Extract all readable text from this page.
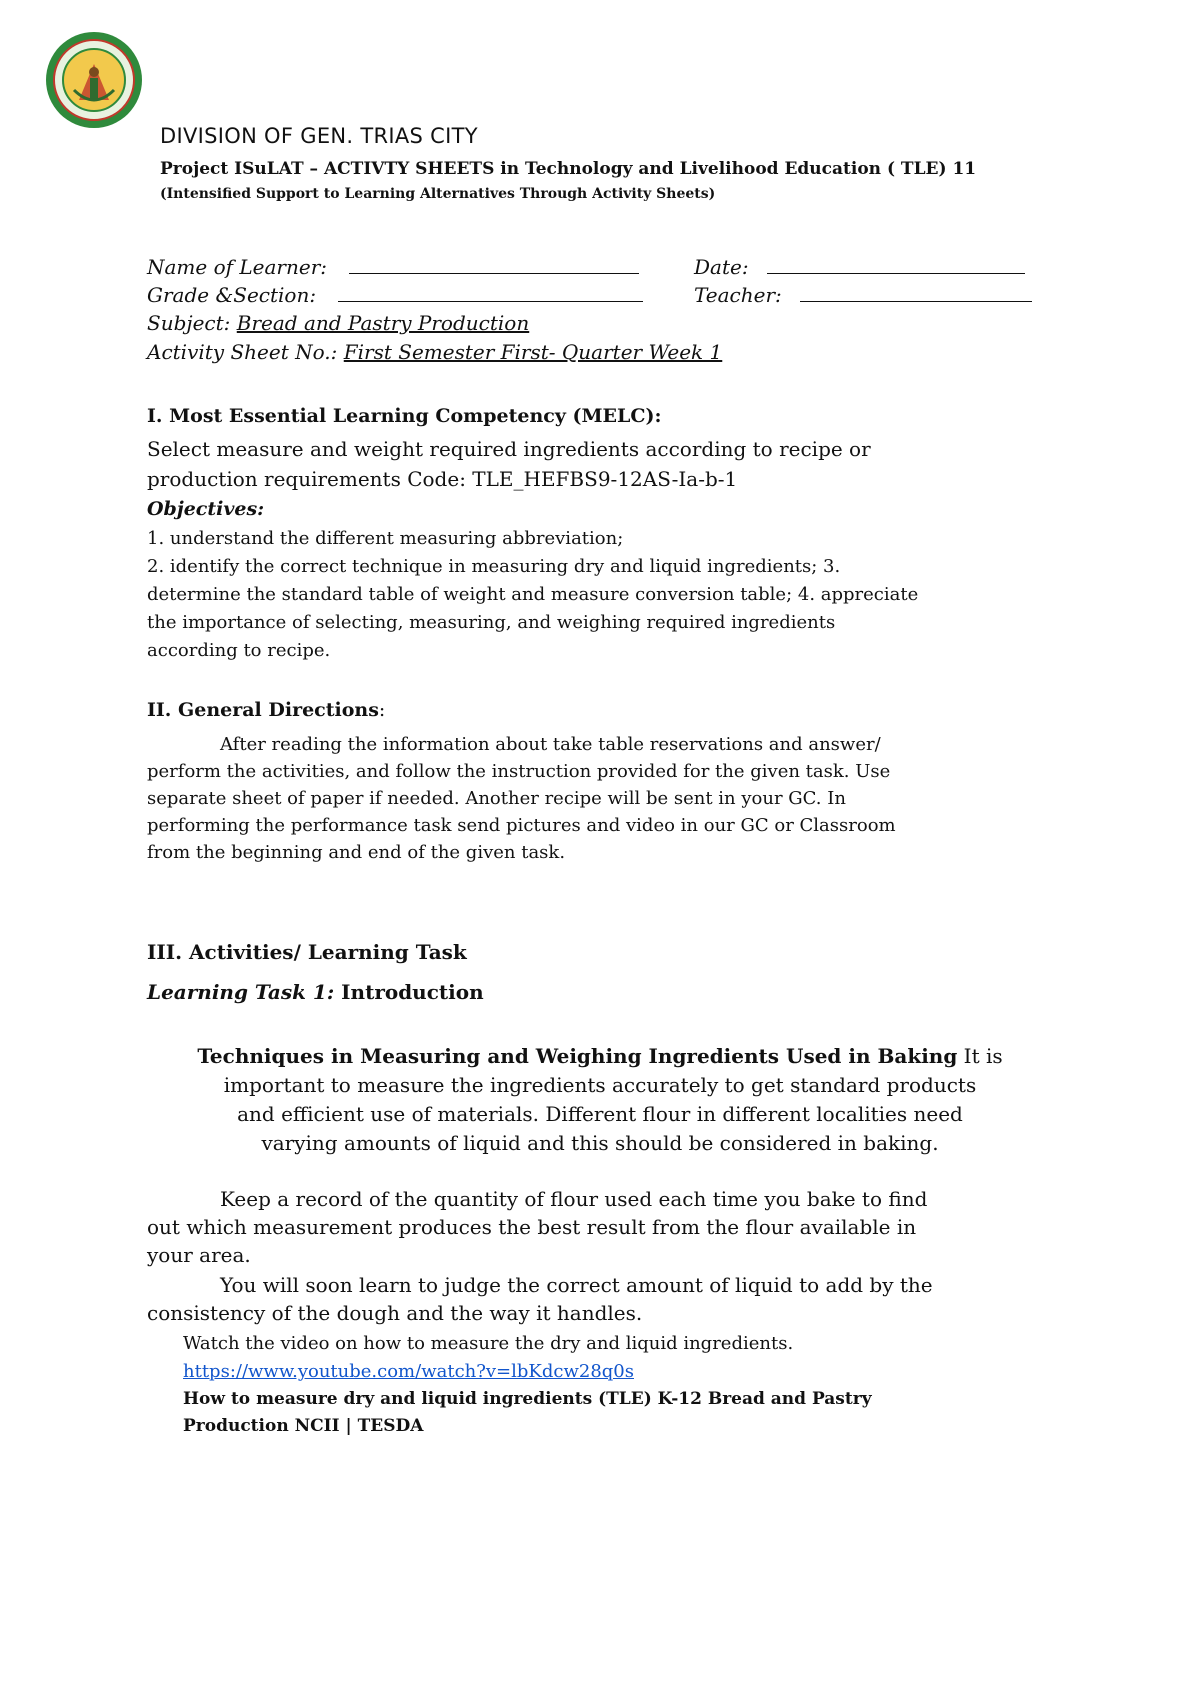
DIVISION OF GEN. TRIAS CITY
Project ISuLAT – ACTIVTY SHEETS in Technology and Livelihood Education ( TLE) 11
(Intensified Support to Learning Alternatives Through Activity Sheets)
Name of Learner:	Date:
Grade &Section:	Teacher:
Subject: Bread and Pastry Production
Activity Sheet No.: First Semester First- Quarter Week 1
I. Most Essential Learning Competency (MELC):
Select measure and weight required ingredients according to recipe or
production requirements Code: TLE_HEFBS9-12AS-Ia-b-1
Objectives:
1. understand the different measuring abbreviation;
2. identify the correct technique in measuring dry and liquid ingredients; 3.
determine the standard table of weight and measure conversion table; 4. appreciate
the importance of selecting, measuring, and weighing required ingredients
according to recipe.
II. General Directions:
After reading the information about take table reservations and answer/
perform the activities, and follow the instruction provided for the given task. Use
separate sheet of paper if needed. Another recipe will be sent in your GC. In
performing the performance task send pictures and video in our GC or Classroom
from the beginning and end of the given task.
III. Activities/ Learning Task
Learning Task 1: Introduction
Techniques in Measuring and Weighing Ingredients Used in Baking It is
important to measure the ingredients accurately to get standard products
and efficient use of materials. Different flour in different localities need
varying amounts of liquid and this should be considered in baking.
Keep a record of the quantity of flour used each time you bake to find
out which measurement produces the best result from the flour available in
your area.
You will soon learn to judge the correct amount of liquid to add by the
consistency of the dough and the way it handles.
Watch the video on how to measure the dry and liquid ingredients.
https://www.youtube.com/watch?v=lbKdcw28q0s
How to measure dry and liquid ingredients (TLE) K-12 Bread and Pastry
Production NCII | TESDA
